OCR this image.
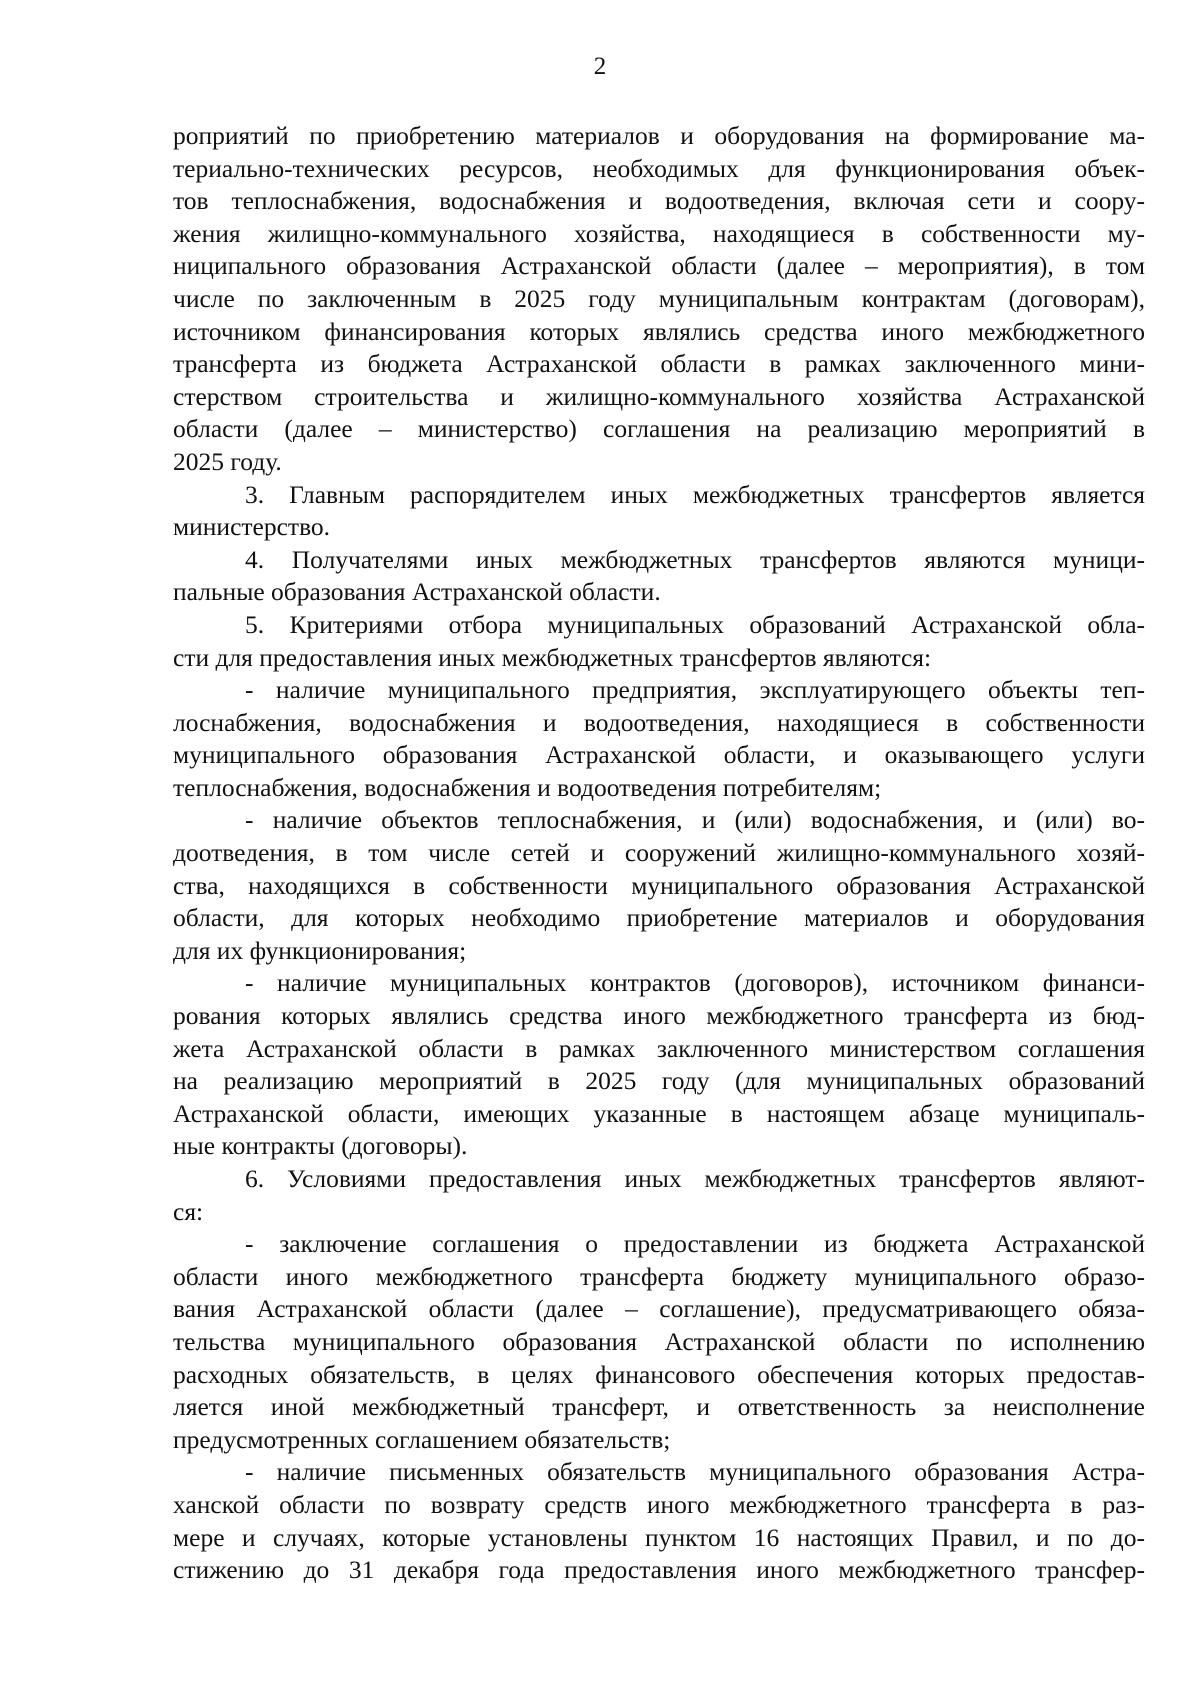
2
роприятий по приобретению материалов и оборудования на формирование ма-
териально-технических ресурсов, необходимых для функционирования объек-
тов теплоснабжения, водоснабжения и водоотведения, включая сети и соору-
жения жилищно-коммунального хозяйства, находящиеся в собственности му-
ниципального образования Астраханской области (далее – мероприятия), в том
числе по заключенным в 2025 году муниципальным контрактам (договорам),
источником финансирования которых являлись средства иного межбюджетного
трансферта из бюджета Астраханской области в рамках заключенного мини-
стерством строительства и жилищно-коммунального хозяйства Астраханской
области (далее – министерство) соглашения на реализацию мероприятий в
2025 году.
3. Главным распорядителем иных межбюджетных трансфертов является
министерство.
4. Получателями иных межбюджетных трансфертов являются муници-
пальные образования Астраханской области.
5. Критериями отбора муниципальных образований Астраханской обла-
сти для предоставления иных межбюджетных трансфертов являются:
- наличие муниципального предприятия, эксплуатирующего объекты теп-
лоснабжения, водоснабжения и водоотведения, находящиеся в собственности
муниципального образования Астраханской области, и оказывающего услуги
теплоснабжения, водоснабжения и водоотведения потребителям;
- наличие объектов теплоснабжения, и (или) водоснабжения, и (или) во-
доотведения, в том числе сетей и сооружений жилищно-коммунального хозяй-
ства, находящихся в собственности муниципального образования Астраханской
области, для которых необходимо приобретение материалов и оборудования
для их функционирования;
- наличие муниципальных контрактов (договоров), источником финанси-
рования которых являлись средства иного межбюджетного трансферта из бюд-
жета Астраханской области в рамках заключенного министерством соглашения
на реализацию мероприятий в 2025 году (для муниципальных образований
Астраханской области, имеющих указанные в настоящем абзаце муниципаль-
ные контракты (договоры).
6. Условиями предоставления иных межбюджетных трансфертов являют-
ся:
- заключение соглашения о предоставлении из бюджета Астраханской
области иного межбюджетного трансферта бюджету муниципального образо-
вания Астраханской области (далее – соглашение), предусматривающего обяза-
тельства муниципального образования Астраханской области по исполнению
расходных обязательств, в целях финансового обеспечения которых предостав-
ляется иной межбюджетный трансферт, и ответственность за неисполнение
предусмотренных соглашением обязательств;
- наличие письменных обязательств муниципального образования Астра-
ханской области по возврату средств иного межбюджетного трансферта в раз-
мере и случаях, которые установлены пунктом 16 настоящих Правил, и по до-
стижению до 31 декабря года предоставления иного межбюджетного трансфер-
